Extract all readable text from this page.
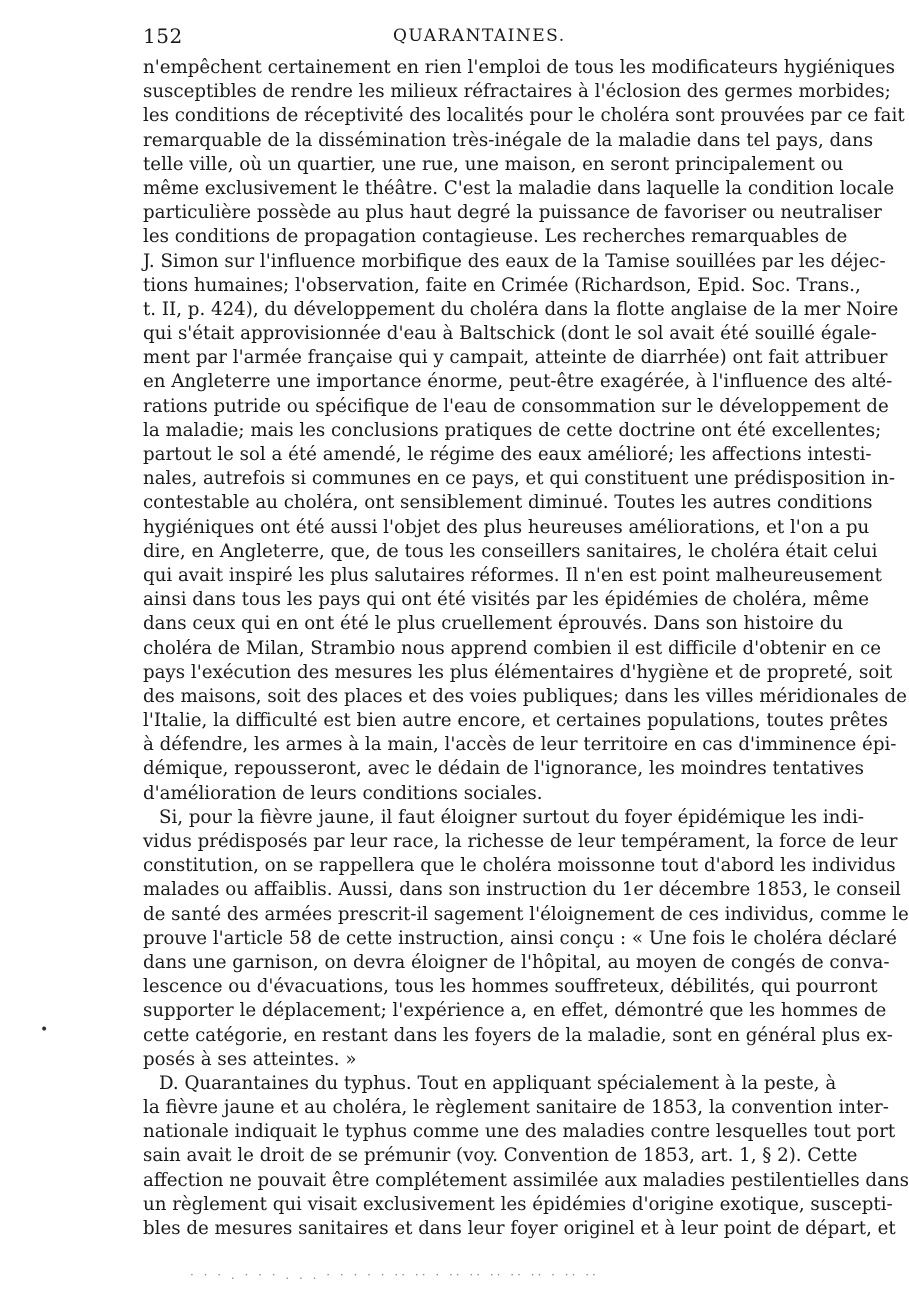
152	QUARANTAINES.
n'empêchent certainement en rien l'emploi de tous les modificateurs hygiéniques
susceptibles de rendre les milieux réfractaires à l'éclosion des germes morbides;
les conditions de réceptivité des localités pour le choléra sont prouvées par ce fait
remarquable de la dissémination très-inégale de la maladie dans tel pays, dans
telle ville, où un quartier, une rue, une maison, en seront principalement ou
même exclusivement le théâtre. C'est la maladie dans laquelle la condition locale
particulière possède au plus haut degré la puissance de favoriser ou neutraliser
les conditions de propagation contagieuse. Les recherches remarquables de
J. Simon sur l'influence morbifique des eaux de la Tamise souillées par les déjec-
tions humaines; l'observation, faite en Crimée (Richardson, Epid. Soc. Trans.,
t. II, p. 424), du développement du choléra dans la flotte anglaise de la mer Noire
qui s'était approvisionnée d'eau à Baltschick (dont le sol avait été souillé égale-
ment par l'armée française qui y campait, atteinte de diarrhée) ont fait attribuer
en Angleterre une importance énorme, peut-être exagérée, à l'influence des alté-
rations putride ou spécifique de l'eau de consommation sur le développement de
la maladie; mais les conclusions pratiques de cette doctrine ont été excellentes;
partout le sol a été amendé, le régime des eaux amélioré; les affections intesti-
nales, autrefois si communes en ce pays, et qui constituent une prédisposition in-
contestable au choléra, ont sensiblement diminué. Toutes les autres conditions
hygiéniques ont été aussi l'objet des plus heureuses améliorations, et l'on a pu
dire, en Angleterre, que, de tous les conseillers sanitaires, le choléra était celui
qui avait inspiré les plus salutaires réformes. Il n'en est point malheureusement
ainsi dans tous les pays qui ont été visités par les épidémies de choléra, même
dans ceux qui en ont été le plus cruellement éprouvés. Dans son histoire du
choléra de Milan, Strambio nous apprend combien il est difficile d'obtenir en ce
pays l'exécution des mesures les plus élémentaires d'hygiène et de propreté, soit
des maisons, soit des places et des voies publiques; dans les villes méridionales de
l'Italie, la difficulté est bien autre encore, et certaines populations, toutes prêtes
à défendre, les armes à la main, l'accès de leur territoire en cas d'imminence épi-
démique, repousseront, avec le dédain de l'ignorance, les moindres tentatives
d'amélioration de leurs conditions sociales.
Si, pour la fièvre jaune, il faut éloigner surtout du foyer épidémique les indi-
vidus prédisposés par leur race, la richesse de leur tempérament, la force de leur
constitution, on se rappellera que le choléra moissonne tout d'abord les individus
malades ou affaiblis. Aussi, dans son instruction du 1er décembre 1853, le conseil
de santé des armées prescrit-il sagement l'éloignement de ces individus, comme le
prouve l'article 58 de cette instruction, ainsi conçu : « Une fois le choléra déclaré
dans une garnison, on devra éloigner de l'hôpital, au moyen de congés de conva-
lescence ou d'évacuations, tous les hommes souffreteux, débilités, qui pourront
supporter le déplacement; l'expérience a, en effet, démontré que les hommes de
cette catégorie, en restant dans les foyers de la maladie, sont en général plus ex-
posés à ses atteintes. »
D. Quarantaines du typhus. Tout en appliquant spécialement à la peste, à
la fièvre jaune et au choléra, le règlement sanitaire de 1853, la convention inter-
nationale indiquait le typhus comme une des maladies contre lesquelles tout port
sain avait le droit de se prémunir (voy. Convention de 1853, art. 1, § 2). Cette
affection ne pouvait être complétement assimilée aux maladies pestilentielles dans
un règlement qui visait exclusivement les épidémies d'origine exotique, suscepti-
bles de mesures sanitaires et dans leur foyer originel et à leur point de départ, et
•
· · · . · · · . . . · · · · · ·· ·· · ·· ·· ·· ·· ·· · ·· ··
